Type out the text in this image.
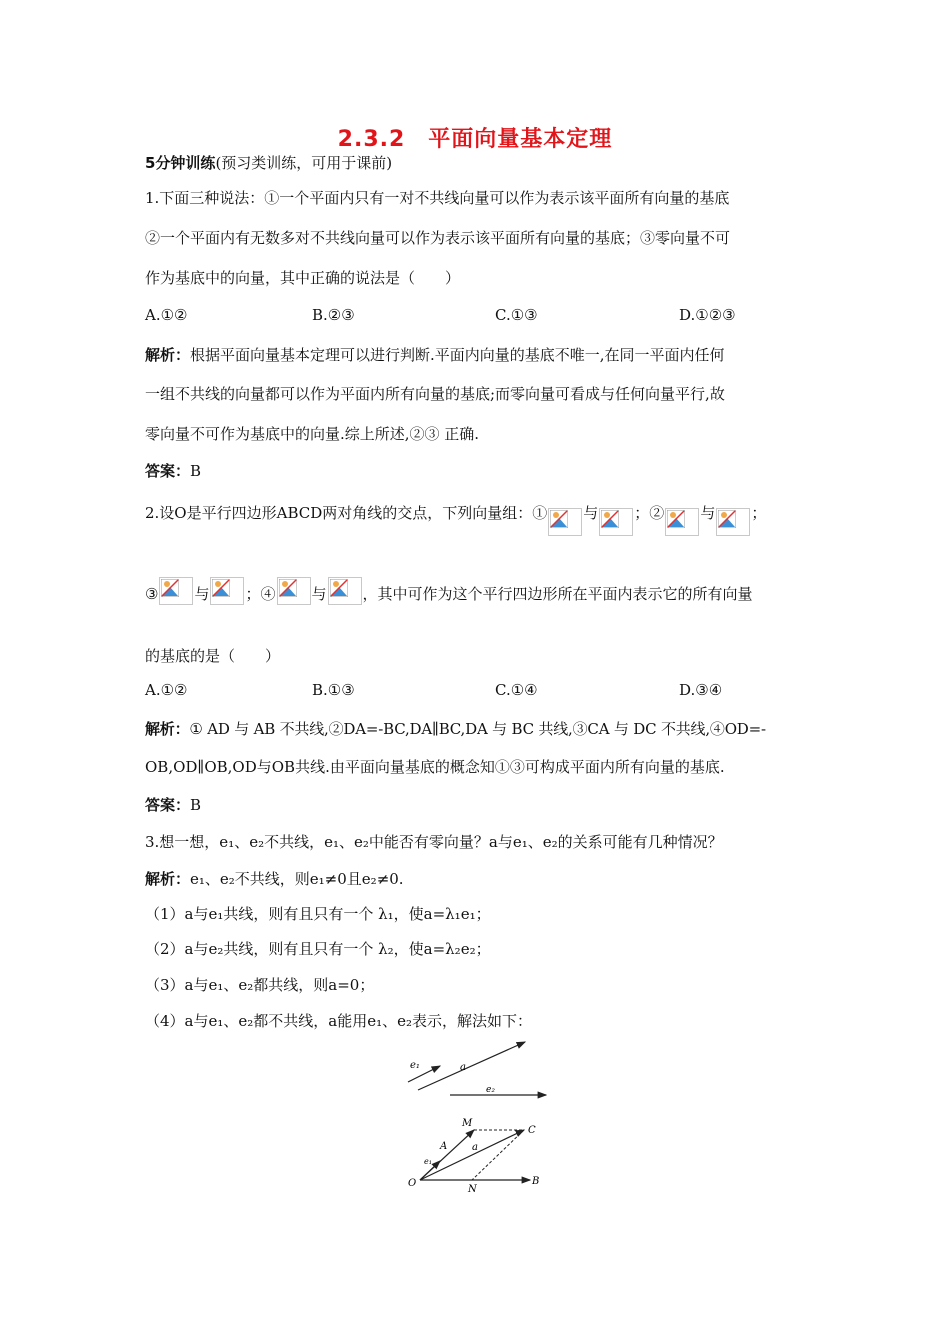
2.3.2　平面向量基本定理
5分钟训练(预习类训练，可用于课前)
1.下面三种说法：①一个平面内只有一对不共线向量可以作为表示该平面所有向量的基底
②一个平面内有无数多对不共线向量可以作为表示该平面所有向量的基底；③零向量不可
作为基底中的向量，其中正确的说法是（　　）
A.①②	B.②③	C.①③	D.①②③
解析：根据平面向量基本定理可以进行判断.平面内向量的基底不唯一,在同一平面内任何
一组不共线的向量都可以作为平面内所有向量的基底;而零向量可看成与任何向量平行,故
零向量不可作为基底中的向量.综上所述,②③ 正确.
答案：B
2.设O是平行四边形ABCD两对角线的交点，下列向量组：① 与 ；② 与 ；
③ 与 ；④ 与 ，其中可作为这个平行四边形所在平面内表示它的所有向量
的基底的是（　　）
A.①②	B.①③	C.①④	D.③④
解析：① AD 与 AB 不共线,②DA=-BC,DA∥BC,DA 与 BC 共线,③CA 与 DC 不共线,④OD=-
OB,OD∥OB,OD与OB共线.由平面向量基底的概念知①③可构成平面内所有向量的基底.
答案：B
3.想一想，e₁、e₂不共线，e₁、e₂中能否有零向量？a与e₁、e₂的关系可能有几种情况？
解析：e₁、e₂不共线，则e₁≠0且e₂≠0.
（1）a与e₁共线，则有且只有一个 λ₁，使a=λ₁e₁；
（2）a与e₂共线，则有且只有一个 λ₂，使a=λ₂e₂；
（3）a与e₁、e₂都共线，则a=0；
（4）a与e₁、e₂都不共线，a能用e₁、e₂表示，解法如下：
e₁	a
e₂
M
C
A a
e₁
O
N
B
